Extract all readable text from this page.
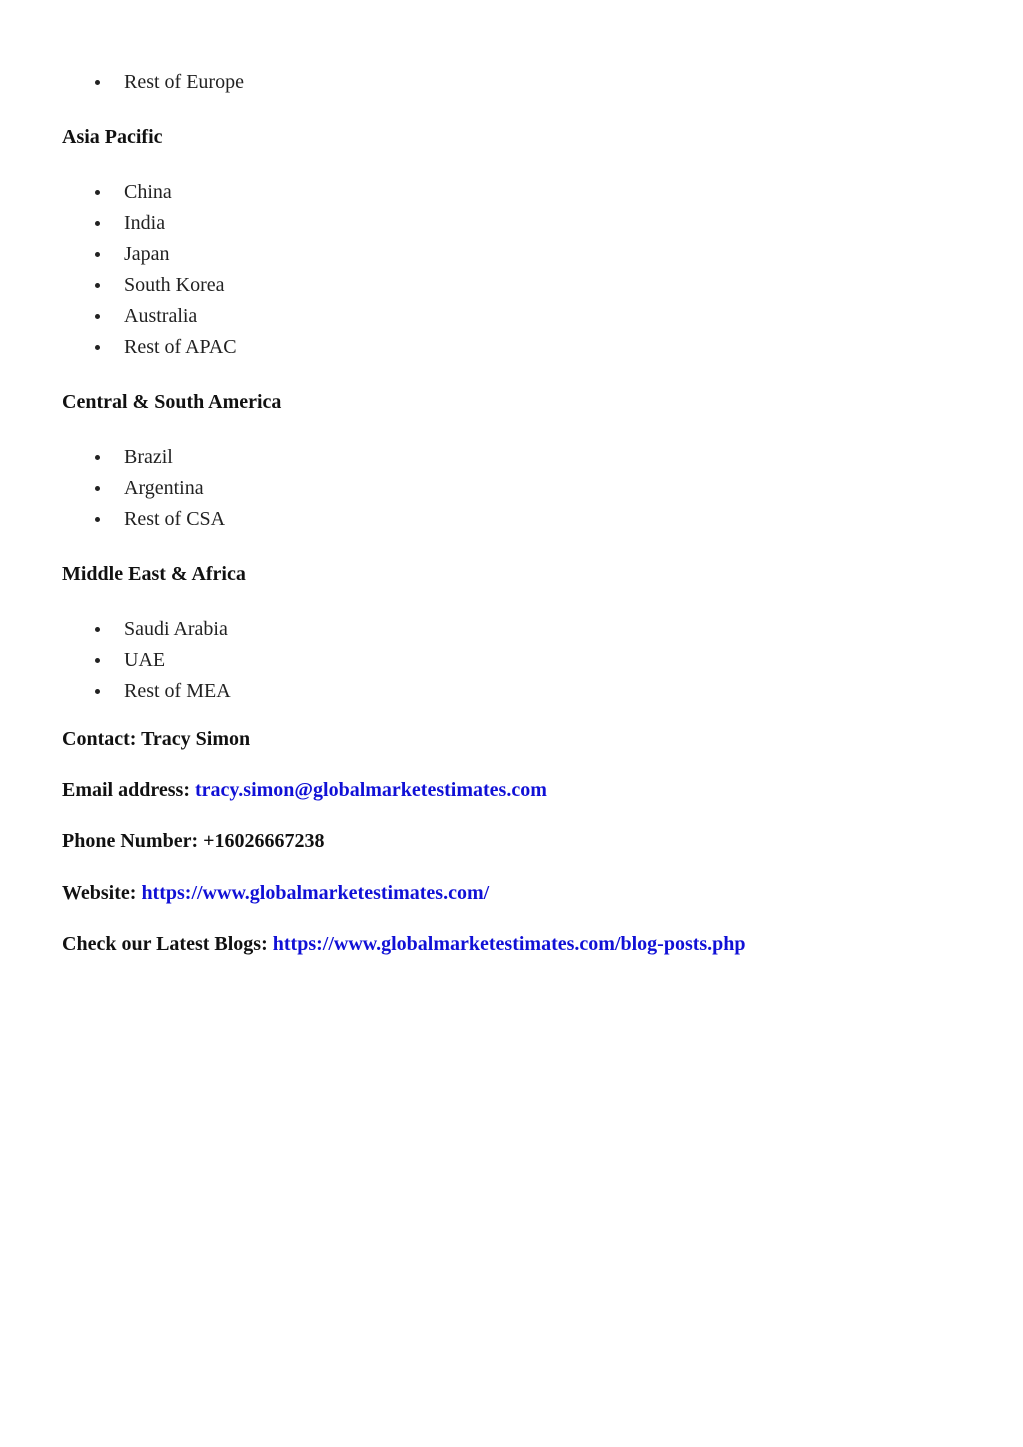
Rest of Europe
Asia Pacific
China
India
Japan
South Korea
Australia
Rest of APAC
Central & South America
Brazil
Argentina
Rest of CSA
Middle East & Africa
Saudi Arabia
UAE
Rest of MEA
Contact: Tracy Simon
Email address: tracy.simon@globalmarketestimates.com
Phone Number: +16026667238
Website: https://www.globalmarketestimates.com/
Check our Latest Blogs: https://www.globalmarketestimates.com/blog-posts.php
